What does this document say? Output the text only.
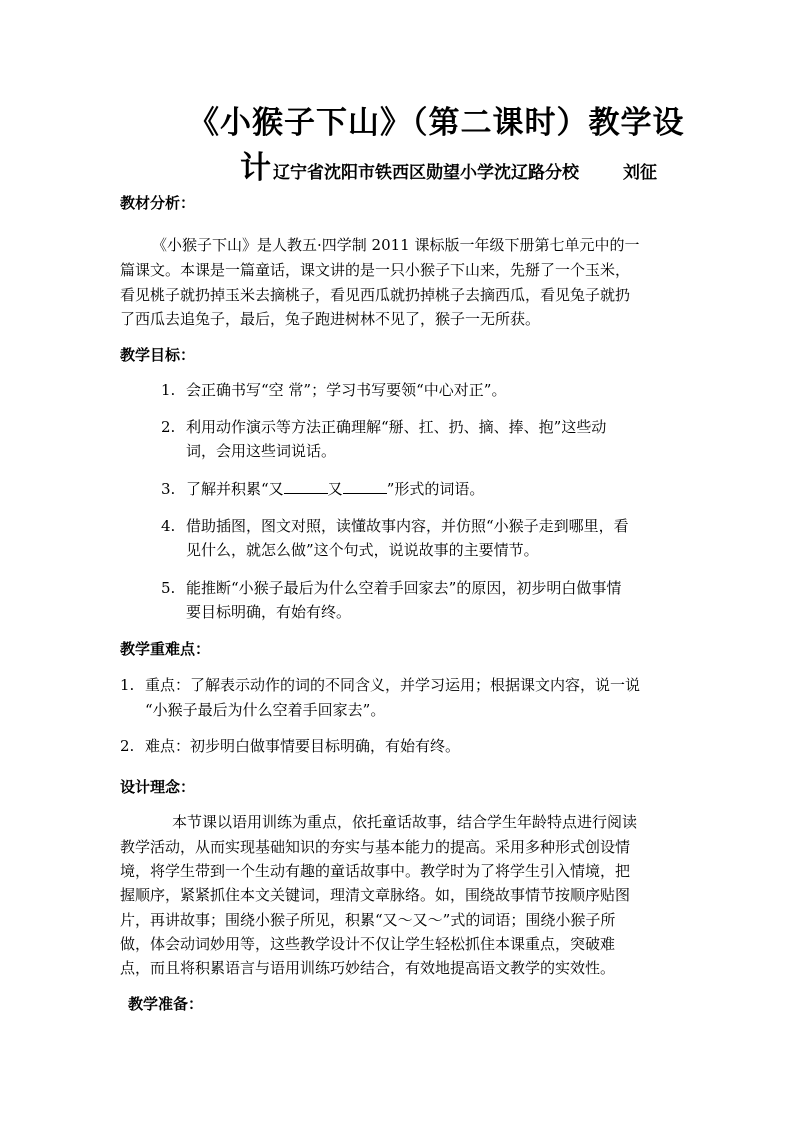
《小猴子下山》（第二课时）教学设
计辽宁省沈阳市铁西区勋望小学沈辽路分校	刘征
教材分析：
《小猴子下山》是人教五·四学制 2011 课标版一年级下册第七单元中的一
篇课文。本课是一篇童话，课文讲的是一只小猴子下山来，先掰了一个玉米，
看见桃子就扔掉玉米去摘桃子，看见西瓜就扔掉桃子去摘西瓜，看见兔子就扔
了西瓜去追兔子，最后，兔子跑进树林不见了，猴子一无所获。
教学目标：
1. 会正确书写“空 常”；学习书写要领“中心对正”。
2. 利用动作演示等方法正确理解“掰、扛、扔、摘、捧、抱”这些动
词，会用这些词说话。
3. 了解并积累“又	又	”形式的词语。
4. 借助插图，图文对照，读懂故事内容，并仿照“小猴子走到哪里，看
见什么，就怎么做”这个句式，说说故事的主要情节。
5. 能推断“小猴子最后为什么空着手回家去”的原因，初步明白做事情
要目标明确，有始有终。
教学重难点：
1. 重点：了解表示动作的词的不同含义，并学习运用；根据课文内容，说一说
“小猴子最后为什么空着手回家去”。
2. 难点：初步明白做事情要目标明确，有始有终。
设计理念：
本节课以语用训练为重点，依托童话故事，结合学生年龄特点进行阅读
教学活动，从而实现基础知识的夯实与基本能力的提高。采用多种形式创设情
境，将学生带到一个生动有趣的童话故事中。教学时为了将学生引入情境，把
握顺序，紧紧抓住本文关键词，理清文章脉络。如，围绕故事情节按顺序贴图
片，再讲故事；围绕小猴子所见，积累“又～又～”式的词语；围绕小猴子所
做，体会动词妙用等，这些教学设计不仅让学生轻松抓住本课重点，突破难
点，而且将积累语言与语用训练巧妙结合，有效地提高语文教学的实效性。
教学准备：
